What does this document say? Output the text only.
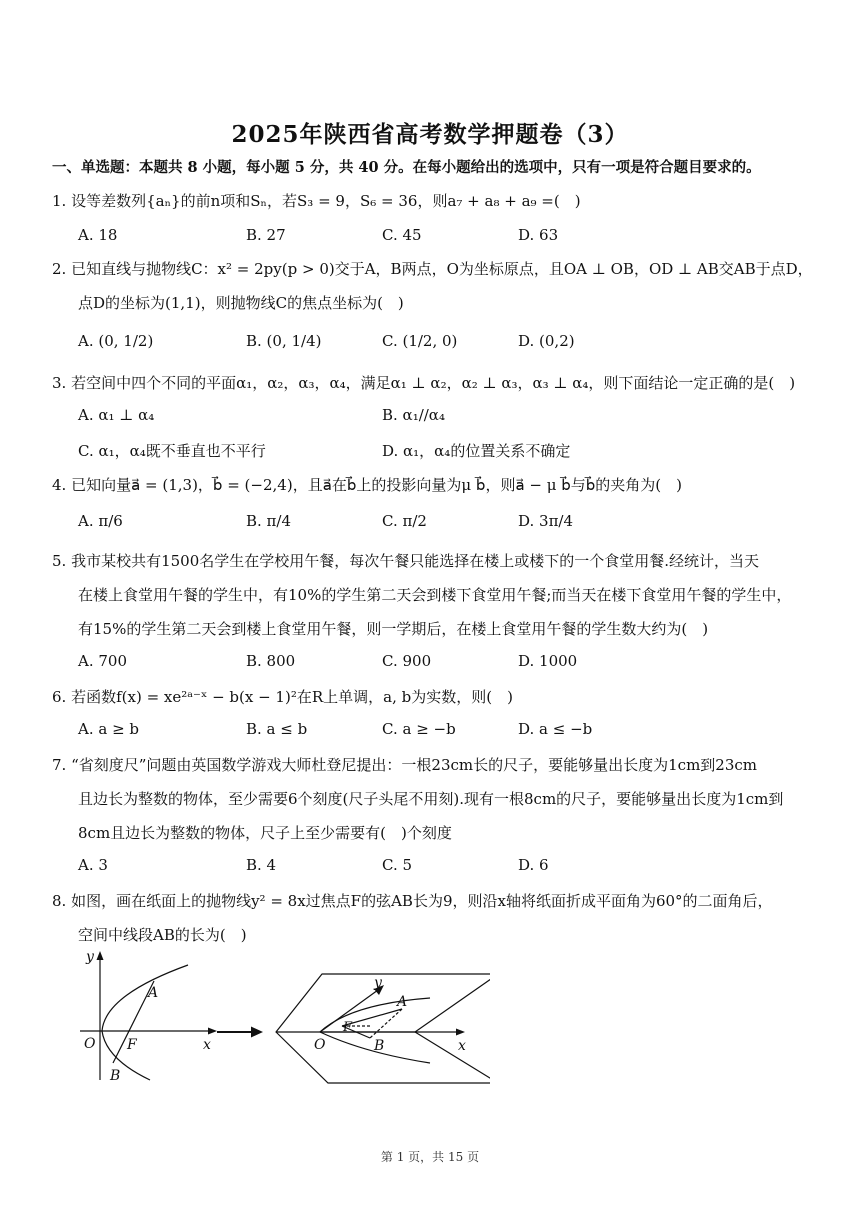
2025年陕西省高考数学押题卷（3）
一、单选题：本题共 8 小题，每小题 5 分，共 40 分。在每小题给出的选项中，只有一项是符合题目要求的。
1. 设等差数列{aₙ}的前n项和Sₙ，若S₃ = 9，S₆ = 36，则a₇ + a₈ + a₉ =(　)
A. 18	B. 27	C. 45	D. 63
2. 已知直线与抛物线C：x² = 2py(p > 0)交于A，B两点，O为坐标原点，且OA ⊥ OB，OD ⊥ AB交AB于点D，
点D的坐标为(1,1)，则抛物线C的焦点坐标为(　)
A. (0, 1/2)	B. (0, 1/4)	C. (1/2, 0)	D. (0,2)
3. 若空间中四个不同的平面α₁，α₂，α₃，α₄，满足α₁ ⊥ α₂，α₂ ⊥ α₃，α₃ ⊥ α₄，则下面结论一定正确的是(　)
A. α₁ ⊥ α₄	B. α₁//α₄
C. α₁，α₄既不垂直也不平行	D. α₁，α₄的位置关系不确定
4. 已知向量a⃗ = (1,3)，b⃗ = (−2,4)，且a⃗在b⃗上的投影向量为μ b⃗，则a⃗ − μ b⃗与b⃗的夹角为(　)
A. π/6	B. π/4	C. π/2	D. 3π/4
5. 我市某校共有1500名学生在学校用午餐，每次午餐只能选择在楼上或楼下的一个食堂用餐.经统计，当天
在楼上食堂用午餐的学生中，有10%的学生第二天会到楼下食堂用午餐;而当天在楼下食堂用午餐的学生中，
有15%的学生第二天会到楼上食堂用午餐，则一学期后，在楼上食堂用午餐的学生数大约为(　)
A. 700	B. 800	C. 900	D. 1000
6. 若函数f(x) = xe²ᵃ⁻ˣ − b(x − 1)²在R上单调，a, b为实数，则(　)
A. a ≥ b	B. a ≤ b	C. a ≥ −b	D. a ≤ −b
7. “省刻度尺”问题由英国数学游戏大师杜登尼提出：一根23cm长的尺子，要能够量出长度为1cm到23cm
且边长为整数的物体，至少需要6个刻度(尺子头尾不用刻).现有一根8cm的尺子，要能够量出长度为1cm到
8cm且边长为整数的物体，尺子上至少需要有(　)个刻度
A. 3	B. 4	C. 5	D. 6
8. 如图，画在纸面上的抛物线y² = 8x过焦点F的弦AB长为9，则沿x轴将纸面折成平面角为60°的二面角后，
空间中线段AB的长为(　)
y
x
O
A
F
B
y
x
O
A
F
B
第 1 页，共 15 页
